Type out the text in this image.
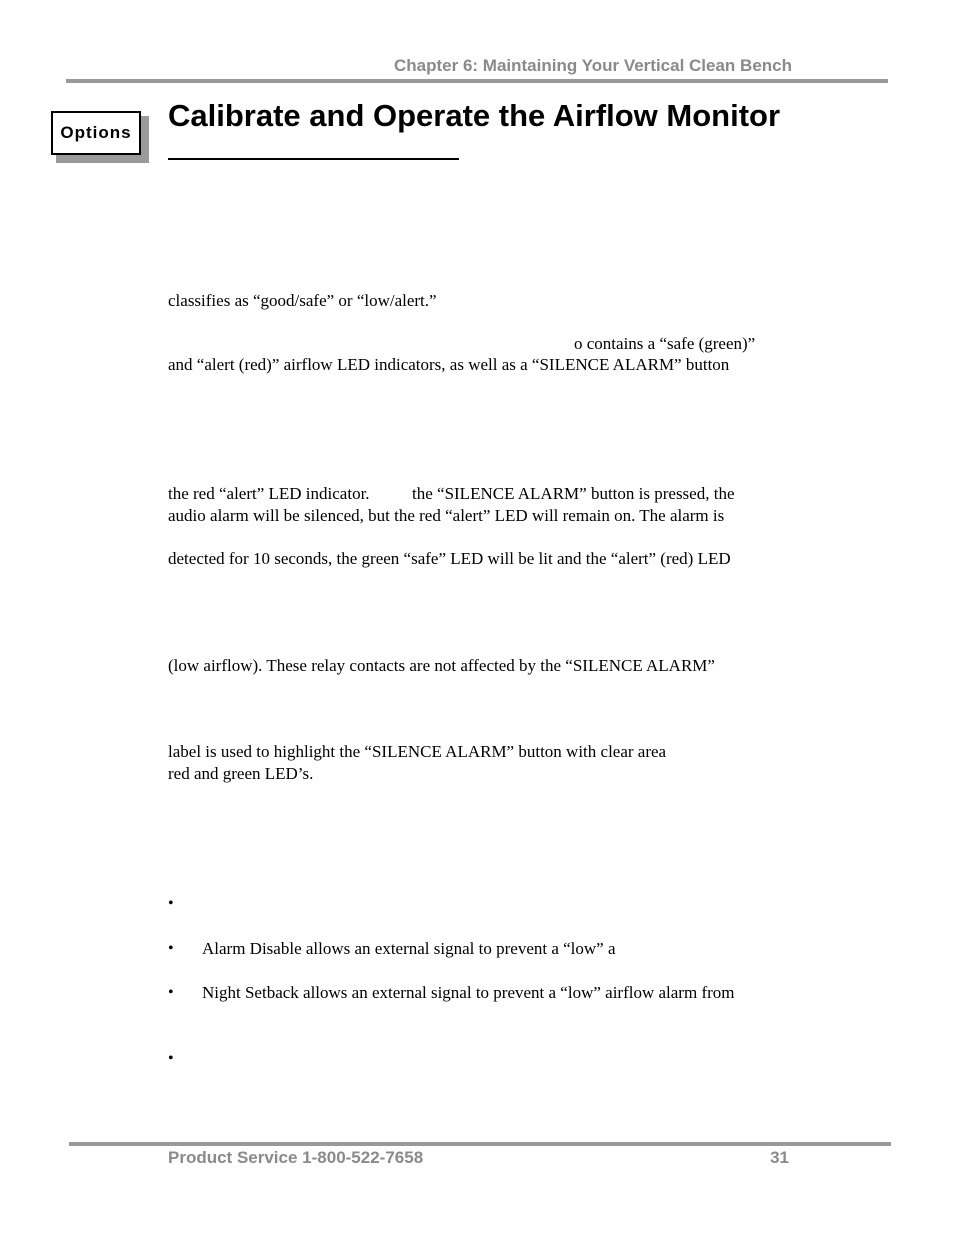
Chapter 6: Maintaining Your Vertical Clean Bench
Options	Calibrate and Operate the Airflow Monitor
classifies as “good/safe” or “low/alert.”
o contains a “safe (green)”
and “alert (red)” airflow LED indicators, as well as a “SILENCE ALARM” button
the red “alert” LED indicator. the “SILENCE ALARM” button is pressed, the
audio alarm will be silenced, but the red “alert” LED will remain on. The alarm is
detected for 10 seconds, the green “safe” LED will be lit and the “alert” (red) LED
(low airflow). These relay contacts are not affected by the “SILENCE ALARM”
label is used to highlight the “SILENCE ALARM” button with clear area
red and green LED’s.
•
• Alarm Disable allows an external signal to prevent a “low” a
• Night Setback allows an external signal to prevent a “low” airflow alarm from
•
Product Service 1-800-522-7658	31
